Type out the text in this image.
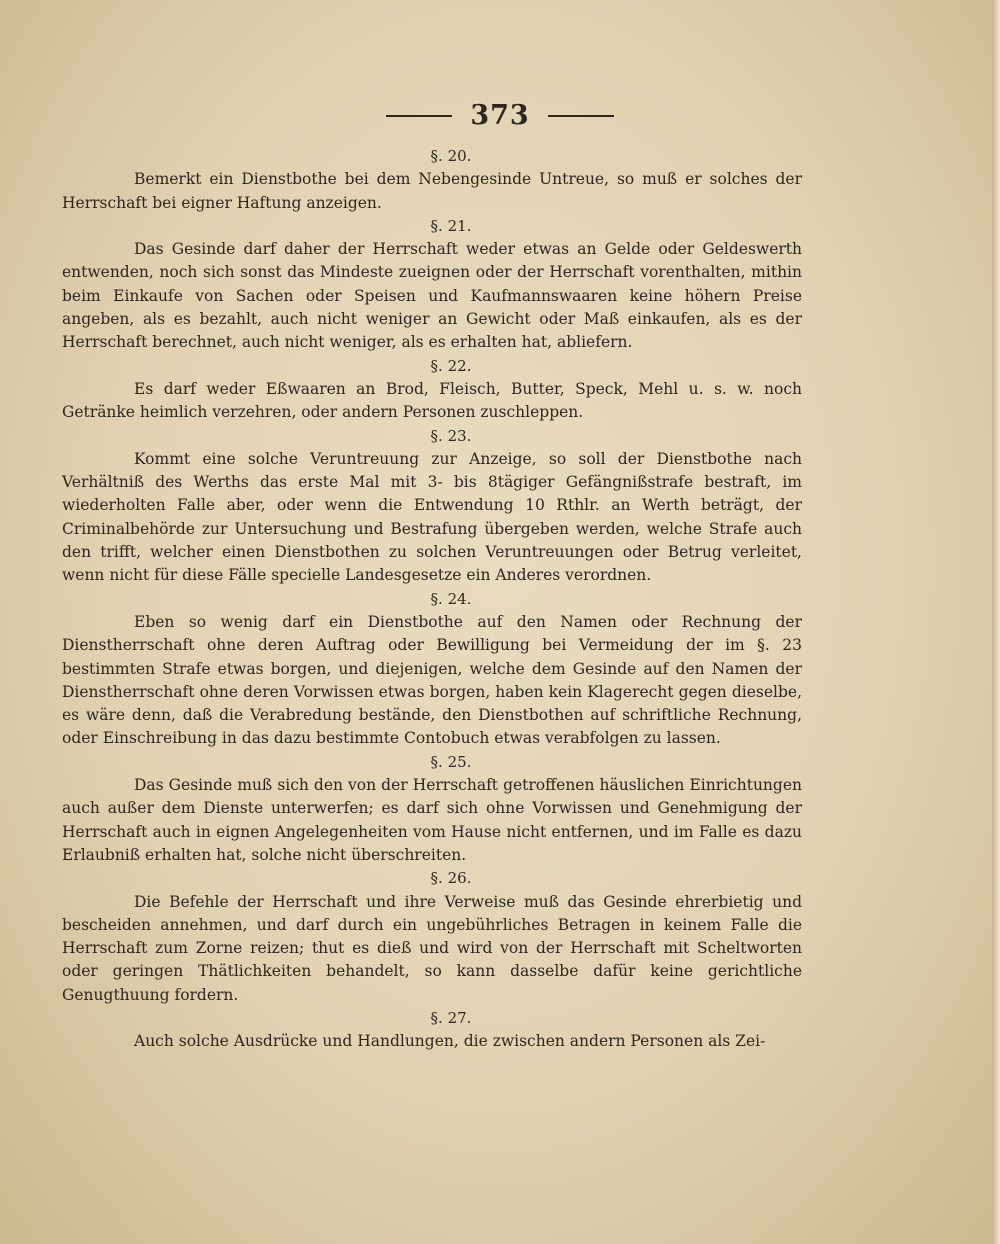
373

§. 20.

Bemerkt ein Dienstbothe bei dem Nebengesinde Untreue, so muß er solches der Herrschaft bei eigner Haftung anzeigen.

§. 21.

Das Gesinde darf daher der Herrschaft weder etwas an Gelde oder Geldeswerth entwenden, noch sich sonst das Mindeste zueignen oder der Herrschaft vorenthalten, mithin beim Einkaufe von Sachen oder Speisen und Kaufmannswaaren keine höhern Preise angeben, als es bezahlt, auch nicht weniger an Gewicht oder Maß einkaufen, als es der Herrschaft berechnet, auch nicht weniger, als es erhalten hat, abliefern.

§. 22.

Es darf weder Eßwaaren an Brod, Fleisch, Butter, Speck, Mehl u. s. w. noch Getränke heimlich verzehren, oder andern Personen zuschleppen.

§. 23.

Kommt eine solche Veruntreuung zur Anzeige, so soll der Dienstbothe nach Verhältniß des Werths das erste Mal mit 3- bis 8tägiger Gefängnißstrafe bestraft, im wiederholten Falle aber, oder wenn die Entwendung 10 Rthlr. an Werth beträgt, der Criminalbehörde zur Untersuchung und Bestrafung übergeben werden, welche Strafe auch den trifft, welcher einen Dienstbothen zu solchen Veruntreuungen oder Betrug verleitet, wenn nicht für diese Fälle specielle Landesgesetze ein Anderes verordnen.

§. 24.

Eben so wenig darf ein Dienstbothe auf den Namen oder Rechnung der Dienstherrschaft ohne deren Auftrag oder Bewilligung bei Vermeidung der im §. 23 bestimmten Strafe etwas borgen, und diejenigen, welche dem Gesinde auf den Namen der Dienstherrschaft ohne deren Vorwissen etwas borgen, haben kein Klagerecht gegen dieselbe, es wäre denn, daß die Verabredung bestände, den Dienstbothen auf schriftliche Rechnung, oder Einschreibung in das dazu bestimmte Contobuch etwas verabfolgen zu lassen.

§. 25.

Das Gesinde muß sich den von der Herrschaft getroffenen häuslichen Einrichtungen auch außer dem Dienste unterwerfen; es darf sich ohne Vorwissen und Genehmigung der Herrschaft auch in eignen Angelegenheiten vom Hause nicht entfernen, und im Falle es dazu Erlaubniß erhalten hat, solche nicht überschreiten.

§. 26.

Die Befehle der Herrschaft und ihre Verweise muß das Gesinde ehrerbietig und bescheiden annehmen, und darf durch ein ungebührliches Betragen in keinem Falle die Herrschaft zum Zorne reizen; thut es dieß und wird von der Herrschaft mit Scheltworten oder geringen Thätlichkeiten behandelt, so kann dasselbe dafür keine gerichtliche Genugthuung fordern.

§. 27.

Auch solche Ausdrücke und Handlungen, die zwischen andern Personen als Zei-
